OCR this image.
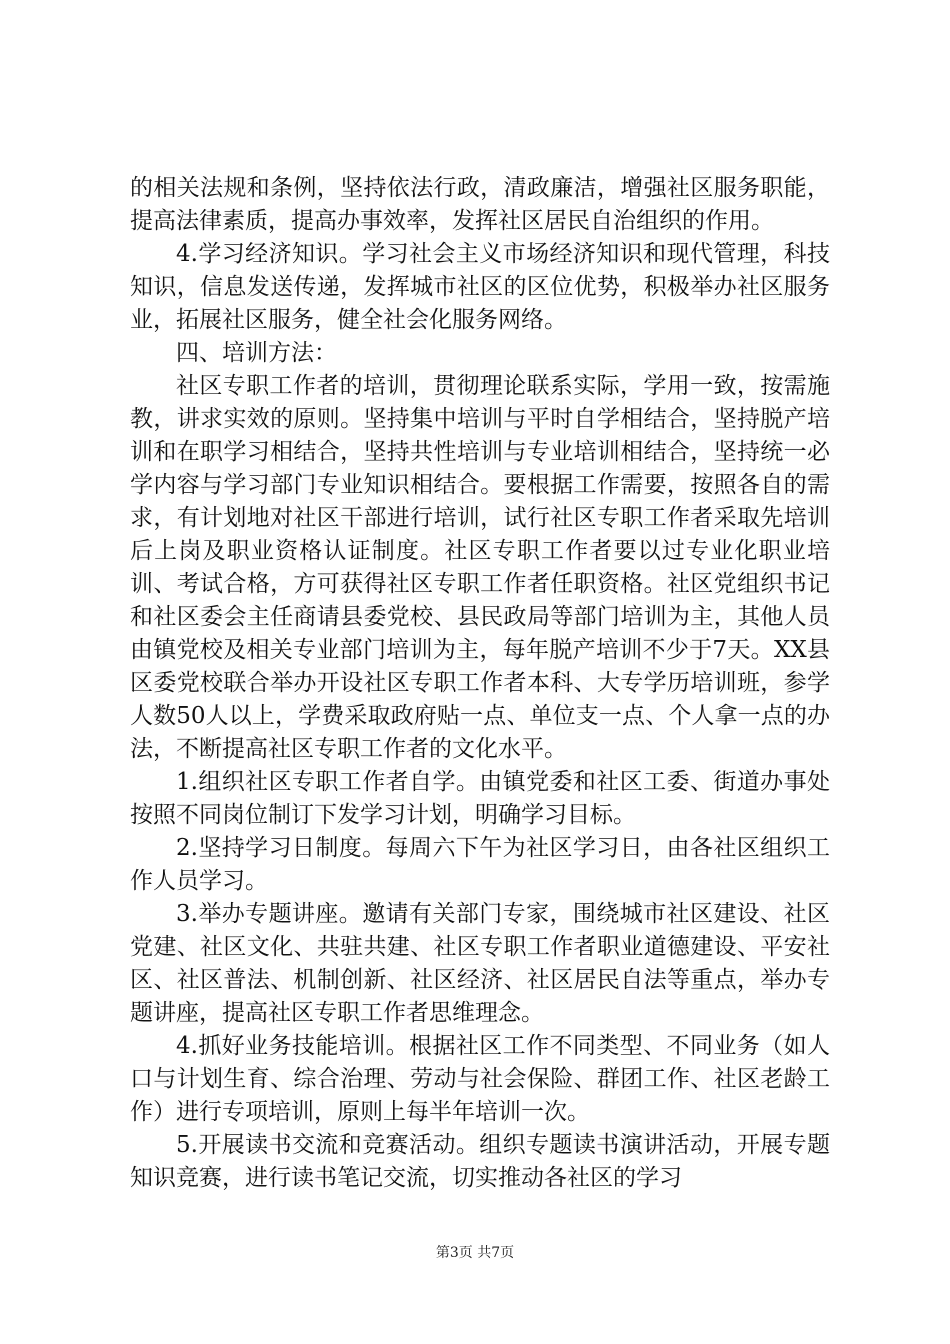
的相关法规和条例，坚持依法行政，清政廉洁，增强社区服务职能，提高法律素质，提高办事效率，发挥社区居民自治组织的作用。

4.学习经济知识。学习社会主义市场经济知识和现代管理，科技知识，信息发送传递，发挥城市社区的区位优势，积极举办社区服务业，拓展社区服务，健全社会化服务网络。

四、培训方法：

社区专职工作者的培训，贯彻理论联系实际，学用一致，按需施教，讲求实效的原则。坚持集中培训与平时自学相结合，坚持脱产培训和在职学习相结合，坚持共性培训与专业培训相结合，坚持统一必学内容与学习部门专业知识相结合。要根据工作需要，按照各自的需求，有计划地对社区干部进行培训，试行社区专职工作者采取先培训后上岗及职业资格认证制度。社区专职工作者要以过专业化职业培训、考试合格，方可获得社区专职工作者任职资格。社区党组织书记和社区委会主任商请县委党校、县民政局等部门培训为主，其他人员由镇党校及相关专业部门培训为主，每年脱产培训不少于7天。XX县区委党校联合举办开设社区专职工作者本科、大专学历培训班，参学人数50人以上，学费采取政府贴一点、单位支一点、个人拿一点的办法，不断提高社区专职工作者的文化水平。

1.组织社区专职工作者自学。由镇党委和社区工委、街道办事处按照不同岗位制订下发学习计划，明确学习目标。

2.坚持学习日制度。每周六下午为社区学习日，由各社区组织工作人员学习。

3.举办专题讲座。邀请有关部门专家，围绕城市社区建设、社区党建、社区文化、共驻共建、社区专职工作者职业道德建设、平安社区、社区普法、机制创新、社区经济、社区居民自法等重点，举办专题讲座，提高社区专职工作者思维理念。

4.抓好业务技能培训。根据社区工作不同类型、不同业务（如人口与计划生育、综合治理、劳动与社会保险、群团工作、社区老龄工作）进行专项培训，原则上每半年培训一次。

5.开展读书交流和竞赛活动。组织专题读书演讲活动，开展专题知识竞赛，进行读书笔记交流，切实推动各社区的学习

第3页 共7页
